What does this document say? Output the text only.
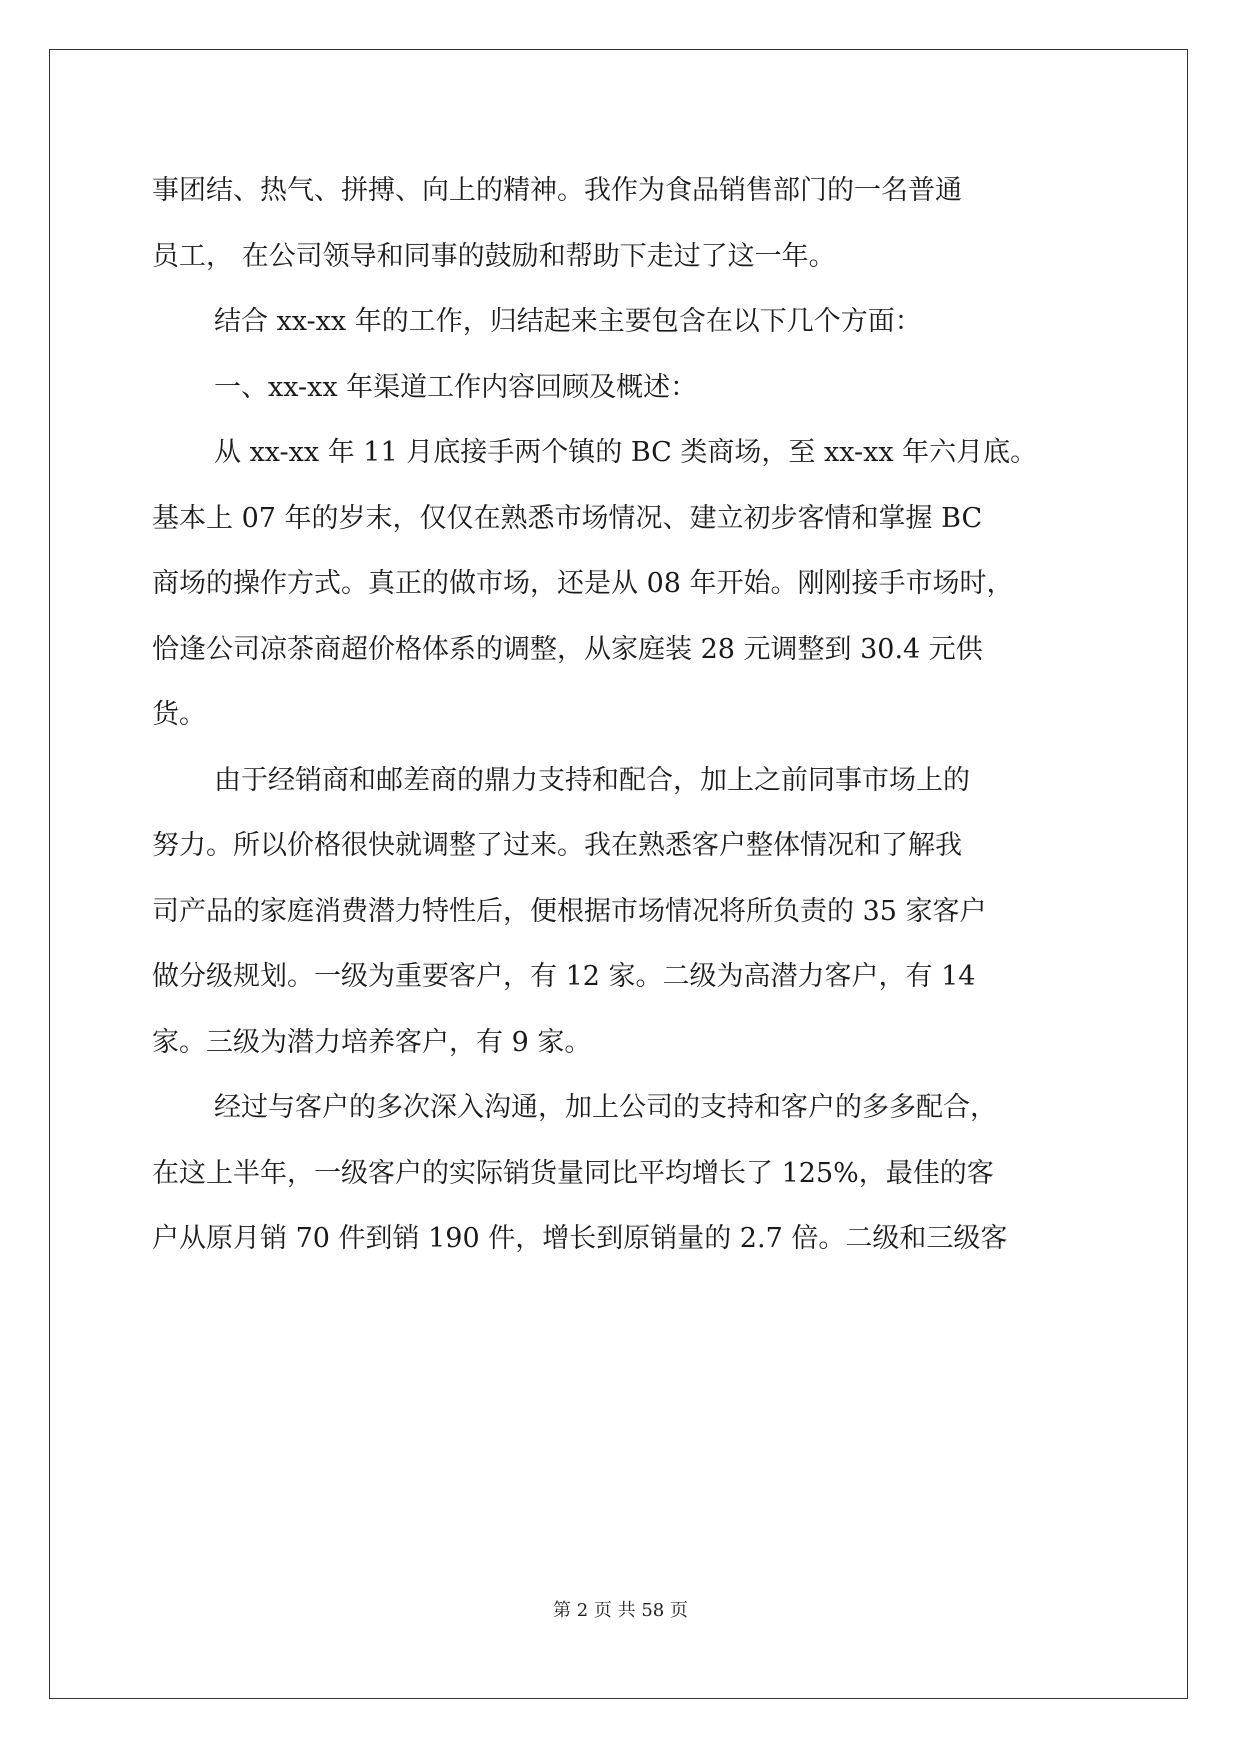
事团结、热气、拼搏、向上的精神。我作为食品销售部门的一名普通
员工， 在公司领导和同事的鼓励和帮助下走过了这一年。
结合 xx-xx 年的工作，归结起来主要包含在以下几个方面：
一、xx-xx 年渠道工作内容回顾及概述：
从 xx-xx 年 11 月底接手两个镇的 BC 类商场，至 xx-xx 年六月底。
基本上 07 年的岁末，仅仅在熟悉市场情况、建立初步客情和掌握 BC
商场的操作方式。真正的做市场，还是从 08 年开始。刚刚接手市场时，
恰逢公司凉茶商超价格体系的调整，从家庭装 28 元调整到 30.4 元供
货。
由于经销商和邮差商的鼎力支持和配合，加上之前同事市场上的
努力。所以价格很快就调整了过来。我在熟悉客户整体情况和了解我
司产品的家庭消费潜力特性后，便根据市场情况将所负责的 35 家客户
做分级规划。一级为重要客户，有 12 家。二级为高潜力客户，有 14
家。三级为潜力培养客户，有 9 家。
经过与客户的多次深入沟通，加上公司的支持和客户的多多配合，
在这上半年，一级客户的实际销货量同比平均增长了 125%，最佳的客
户从原月销 70 件到销 190 件，增长到原销量的 2.7 倍。二级和三级客
第 2 页 共 58 页
